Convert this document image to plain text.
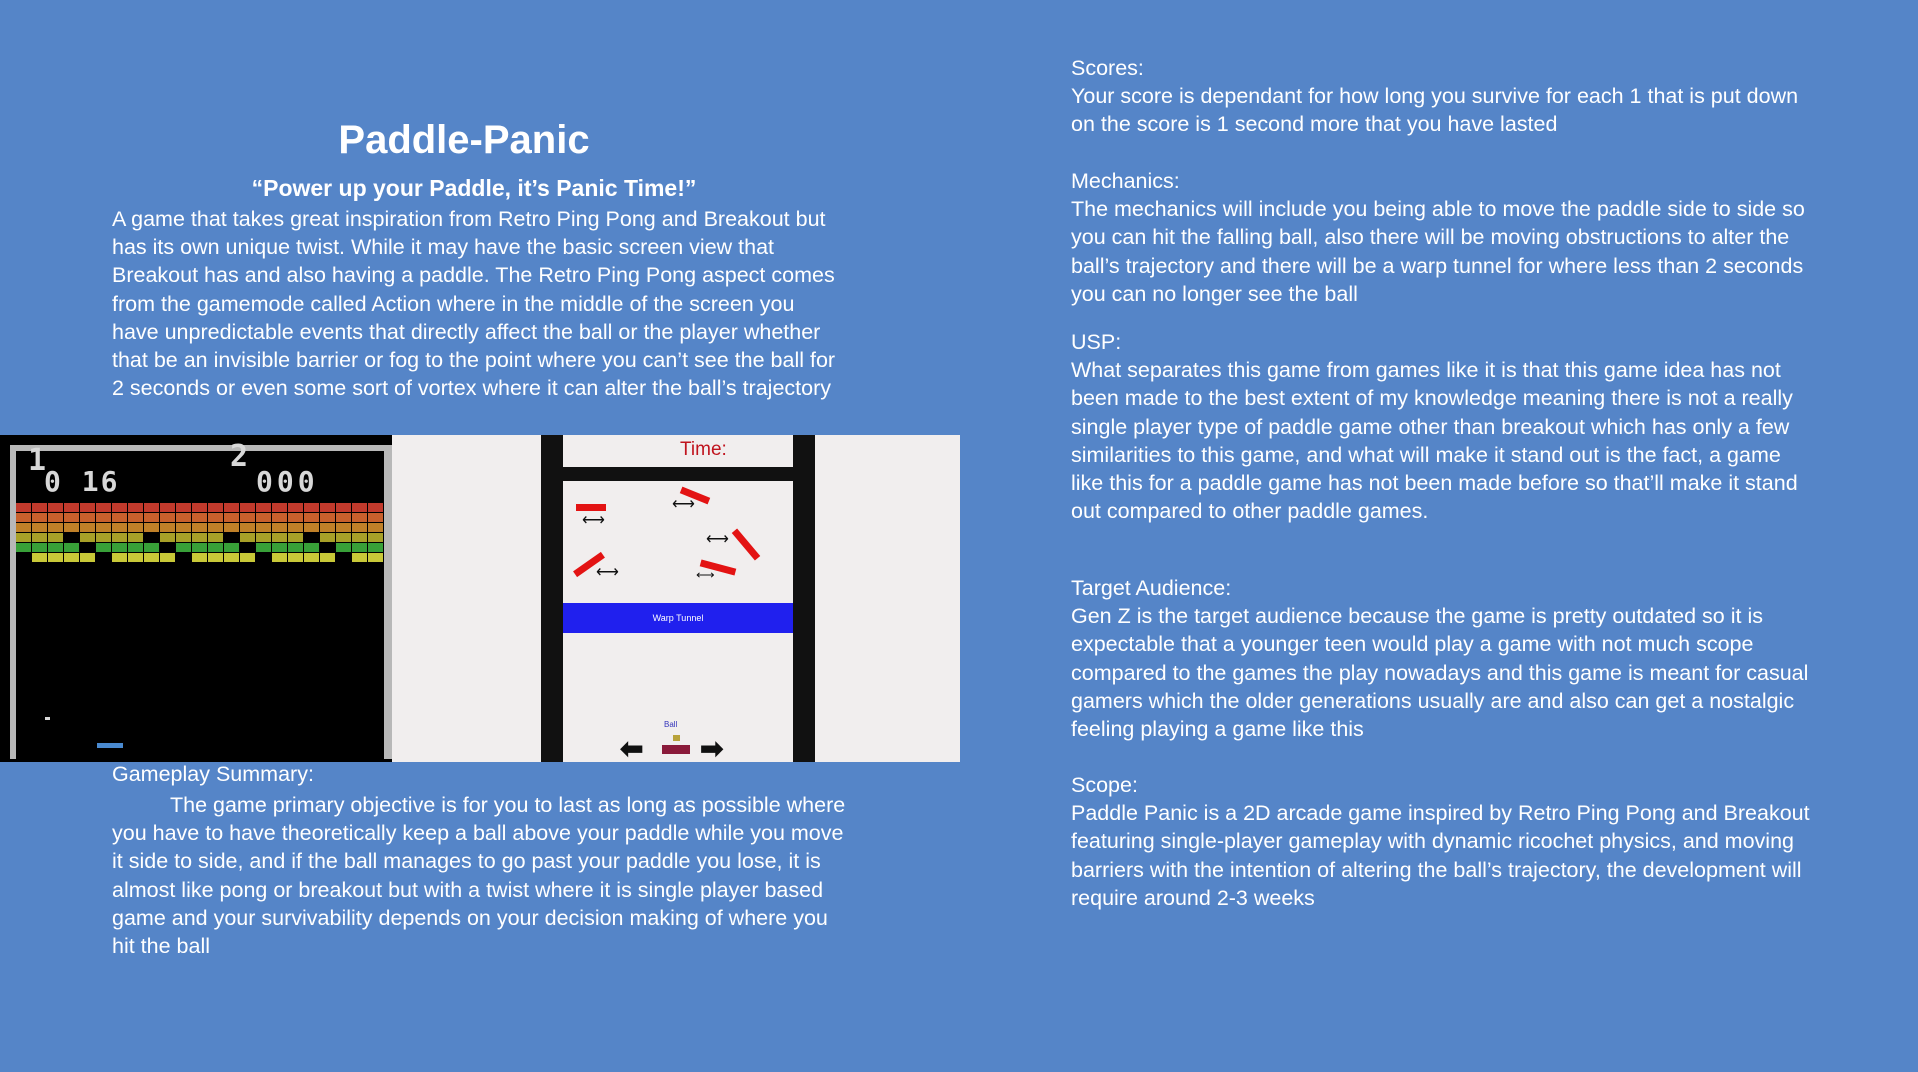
Paddle-Panic

“Power up your Paddle, it’s Panic Time!”

A game that takes great inspiration from Retro Ping Pong and Breakout but has its own unique twist. While it may have the basic screen view that Breakout has and also having a paddle. The Retro Ping Pong aspect comes from the gamemode called Action where in the middle of the screen you have unpredictable events that directly affect the ball or the player whether that be an invisible barrier or fog to the point where you can’t see the ball for 2 seconds or even some sort of vortex where it can alter the ball’s trajectory

1
0 16
2
000
Time:
⟷
⟷
⟷
⟷	⟷
Warp Tunnel
Ball
⬅ ➡

Gameplay Summary:

The game primary objective is for you to last as long as possible where you have to have theoretically keep a ball above your paddle while you move it side to side, and if the ball manages to go past your paddle you lose, it is almost like pong or breakout but with a twist where it is single player based game and your survivability depends on your decision making of where you hit the ball

Scores:

Your score is dependant for how long you survive for each 1 that is put down on the score is 1 second more that you have lasted

Mechanics:

The mechanics will include you being able to move the paddle side to side so you can hit the falling ball, also there will be moving obstructions to alter the ball’s trajectory and there will be a warp tunnel for where less than 2 seconds you can no longer see the ball

USP:

What separates this game from games like it is that this game idea has not been made to the best extent of my knowledge meaning there is not a really single player type of paddle game other than breakout which has only a few similarities to this game, and what will make it stand out is the fact, a game like this for a paddle game has not been made before so that’ll make it stand out compared to other paddle games.

Target Audience:

Gen Z is the target audience because the game is pretty outdated so it is expectable that a younger teen would play a game with not much scope compared to the games the play nowadays and this game is meant for casual gamers which the older generations usually are and also can get a nostalgic feeling playing a game like this

Scope:

Paddle Panic is a 2D arcade game inspired by Retro Ping Pong and Breakout featuring single-player gameplay with dynamic ricochet physics, and moving barriers with the intention of altering the ball’s trajectory, the development will require around 2-3 weeks
